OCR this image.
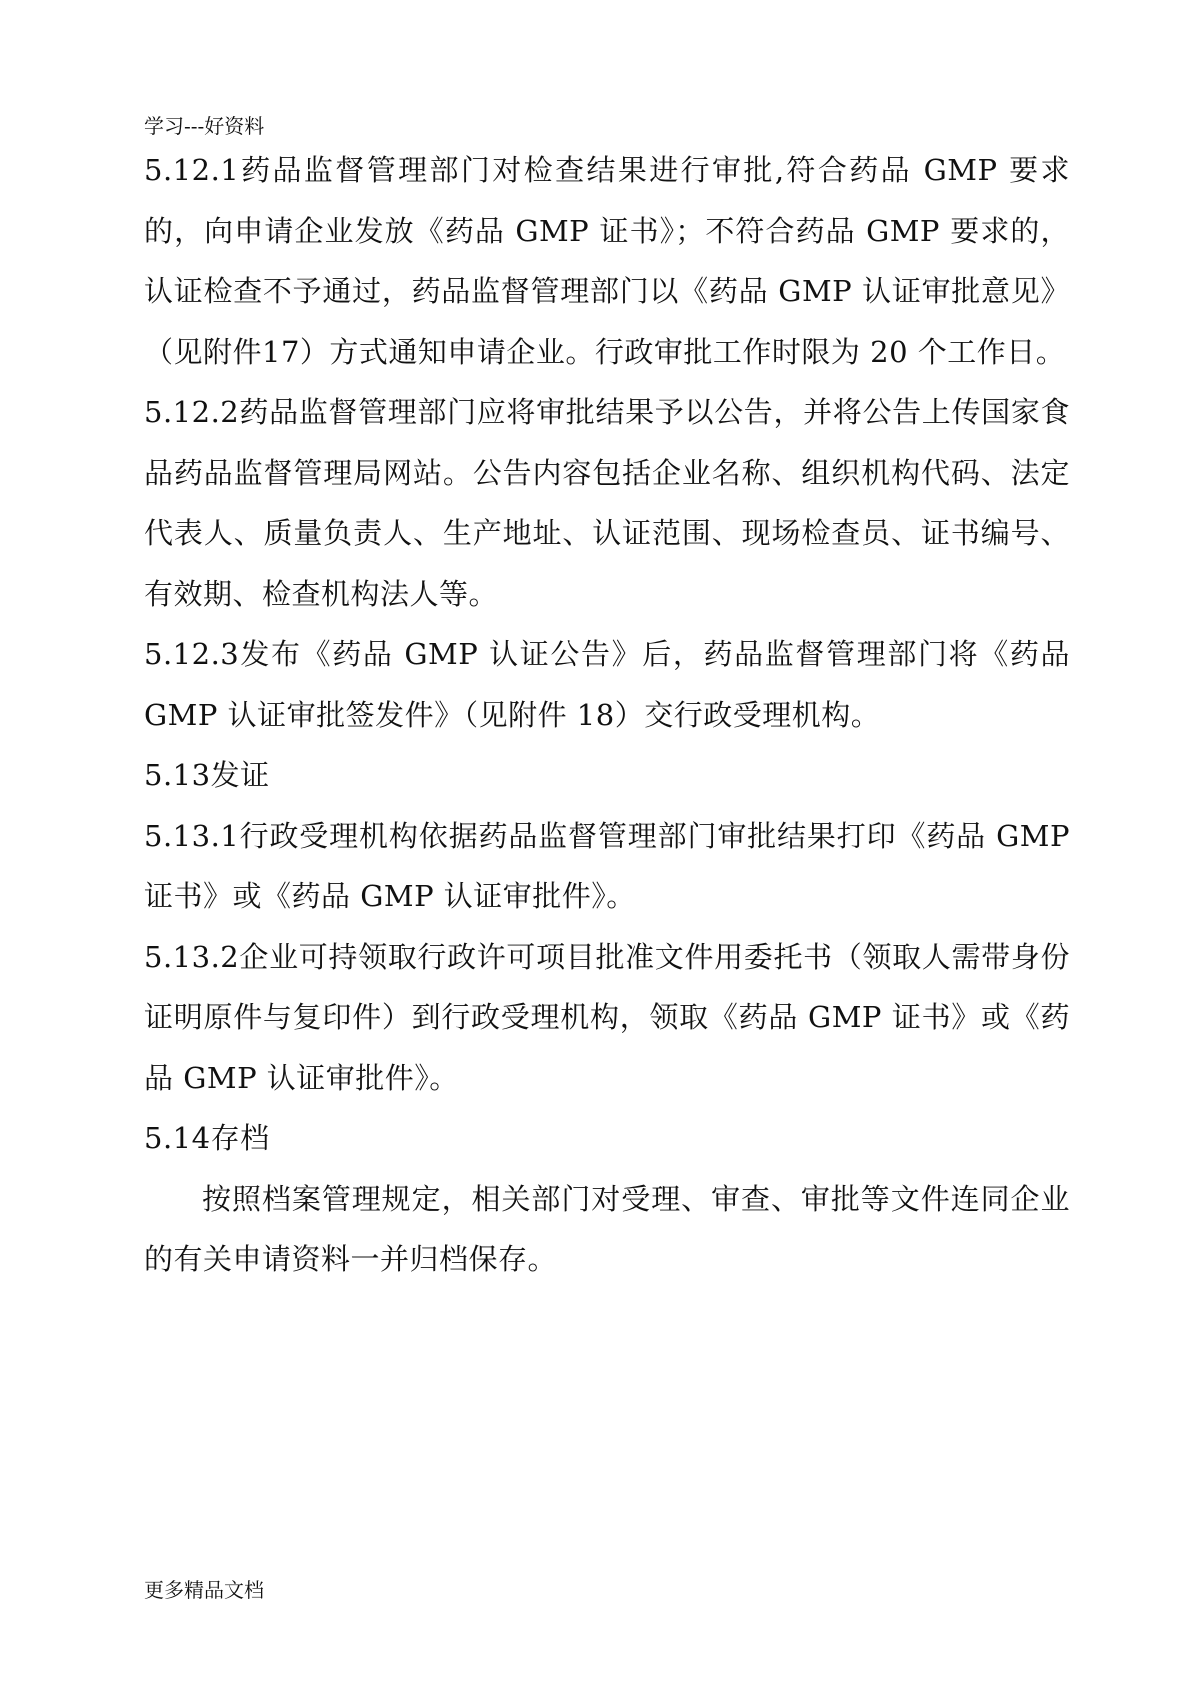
学习---好资料

5.12.1药品监督管理部门对检查结果进行审批,符合药品 GMP 要求的，向申请企业发放《药品 GMP 证书》；不符合药品 GMP 要求的，认证检查不予通过，药品监督管理部门以《药品 GMP 认证审批意见》（见附件17）方式通知申请企业。行政审批工作时限为 20 个工作日。

5.12.2药品监督管理部门应将审批结果予以公告，并将公告上传国家食品药品监督管理局网站。公告内容包括企业名称、组织机构代码、法定代表人、质量负责人、生产地址、认证范围、现场检查员、证书编号、有效期、检查机构法人等。

5.12.3发布《药品 GMP 认证公告》后，药品监督管理部门将《药品 GMP 认证审批签发件》（见附件 18）交行政受理机构。

5.13发证

5.13.1行政受理机构依据药品监督管理部门审批结果打印《药品 GMP 证书》或《药品 GMP 认证审批件》。

5.13.2企业可持领取行政许可项目批准文件用委托书（领取人需带身份证明原件与复印件）到行政受理机构，领取《药品 GMP 证书》或《药品 GMP 认证审批件》。

5.14存档

按照档案管理规定，相关部门对受理、审查、审批等文件连同企业的有关申请资料一并归档保存。

更多精品文档
